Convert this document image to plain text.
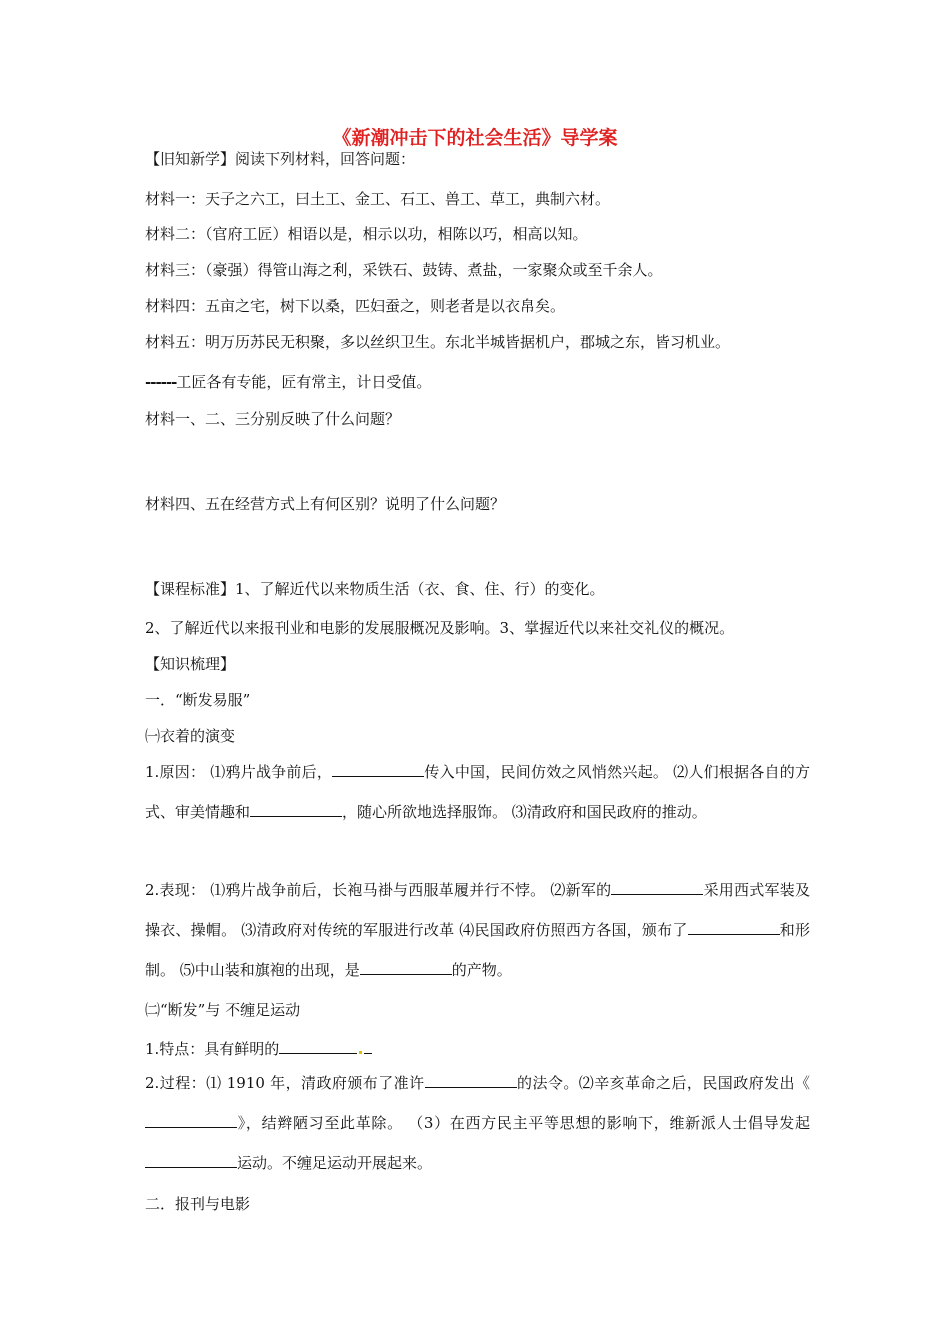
《新潮冲击下的社会生活》导学案
【旧知新学】阅读下列材料，回答问题：
材料一：天子之六工，曰土工、金工、石工、兽工、草工，典制六材。
材料二：（官府工匠）相语以是，相示以功，相陈以巧，相高以知。
材料三：（豪强）得管山海之利，采铁石、鼓铸、煮盐，一家聚众或至千余人。
材料四：五亩之宅，树下以桑，匹妇蚕之，则老者是以衣帛矣。
材料五：明万历苏民无积聚，多以丝织卫生。东北半城皆据机户，郡城之东，皆习机业。
------工匠各有专能，匠有常主，计日受值。
材料一、二、三分别反映了什么问题？
材料四、五在经营方式上有何区别？说明了什么问题？
【课程标准】1、了解近代以来物质生活（衣、食、住、行）的变化。
2、了解近代以来报刊业和电影的发展服概况及影响。3、掌握近代以来社交礼仪的概况。
【知识梳理】
一．“断发易服”
㈠衣着的演变
1.原因： ⑴鸦片战争前后，	传入中国，民间仿效之风悄然兴起。 ⑵人们根据各自的方式、审美情趣和	，随心所欲地选择服饰。 ⑶清政府和国民政府的推动。
2.表现： ⑴鸦片战争前后，长袍马褂与西服革履并行不悖。 ⑵新军的	采用西式军装及操衣、操帽。 ⑶清政府对传统的军服进行改革 ⑷民国政府仿照西方各国，颁布了	和形制。 ⑸中山装和旗袍的出现，是	的产物。
㈡“断发”与 不缠足运动
1.特点：具有鲜明的
2.过程：⑴ 1910 年，清政府颁布了准许	的法令。⑵辛亥革命之后，民国政府发出《》，结辫陋习至此革除。 （3）在西方民主平等思想的影响下，维新派人士倡导发起运动。不缠足运动开展起来。
二．报刊与电影
